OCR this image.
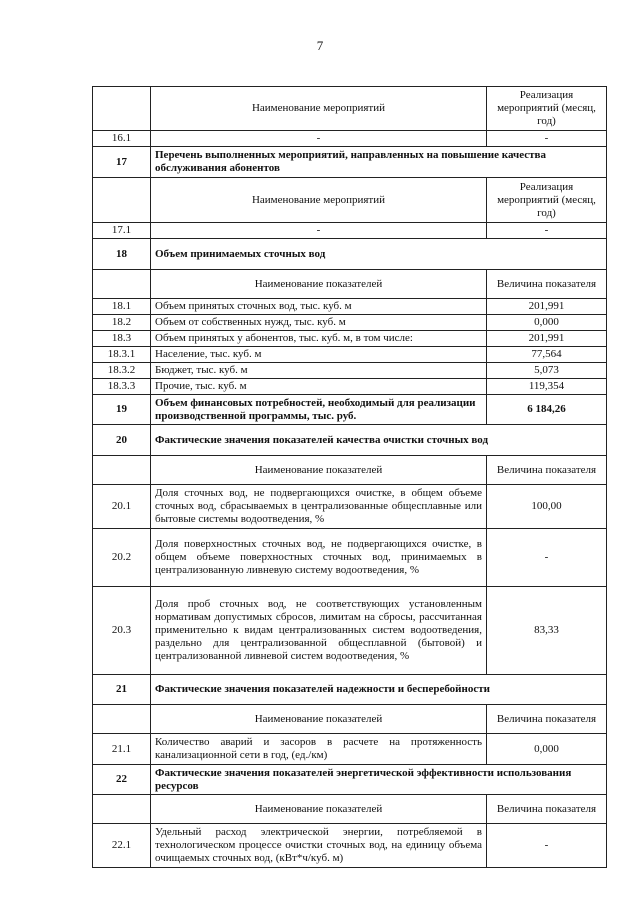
7
	Наименование мероприятий	Реализация мероприятий (месяц, год)
16.1	-	-
17	Перечень выполненных мероприятий, направленных на повышение качества обслуживания абонентов	
	Наименование мероприятий	Реализация мероприятий (месяц, год)
17.1	-	-
18	Объем принимаемых сточных вод	
	Наименование показателей	Величина показателя
18.1	Объем принятых сточных вод, тыс. куб. м	201,991
18.2	Объем от собственных нужд, тыс. куб. м	0,000
18.3	Объем принятых у абонентов, тыс. куб. м, в том числе:	201,991
18.3.1	Население, тыс. куб. м	77,564
18.3.2	Бюджет, тыс. куб. м	5,073
18.3.3	Прочие, тыс. куб. м	119,354
19	Объем финансовых потребностей, необходимый для реализации производственной программы, тыс. руб.	6 184,26
20	Фактические значения показателей качества очистки сточных вод	
	Наименование показателей	Величина показателя
20.1	Доля сточных вод, не подвергающихся очистке, в общем объеме сточных вод, сбрасываемых в централизованные общесплавные или бытовые системы водоотведения, %	100,00
20.2	Доля поверхностных сточных вод, не подвергающихся очистке, в общем объеме поверхностных сточных вод, принимаемых в централизованную ливневую систему водоотведения, %	-
20.3	Доля проб сточных вод, не соответствующих установленным нормативам допустимых сбросов, лимитам на сбросы, рассчитанная применительно к видам централизованных систем водоотведения, раздельно для централизованной общесплавной (бытовой) и централизованной ливневой систем водоотведения, %	83,33
21	Фактические значения показателей надежности и бесперебойности	
	Наименование показателей	Величина показателя
21.1	Количество аварий и засоров в расчете на протяженность канализационной сети в год, (ед./км)	0,000
22	Фактические значения показателей энергетической эффективности использования ресурсов	
	Наименование показателей	Величина показателя
22.1	Удельный расход электрической энергии, потребляемой в технологическом процессе очистки сточных вод, на единицу объема очищаемых сточных вод, (кВт*ч/куб. м)	-
